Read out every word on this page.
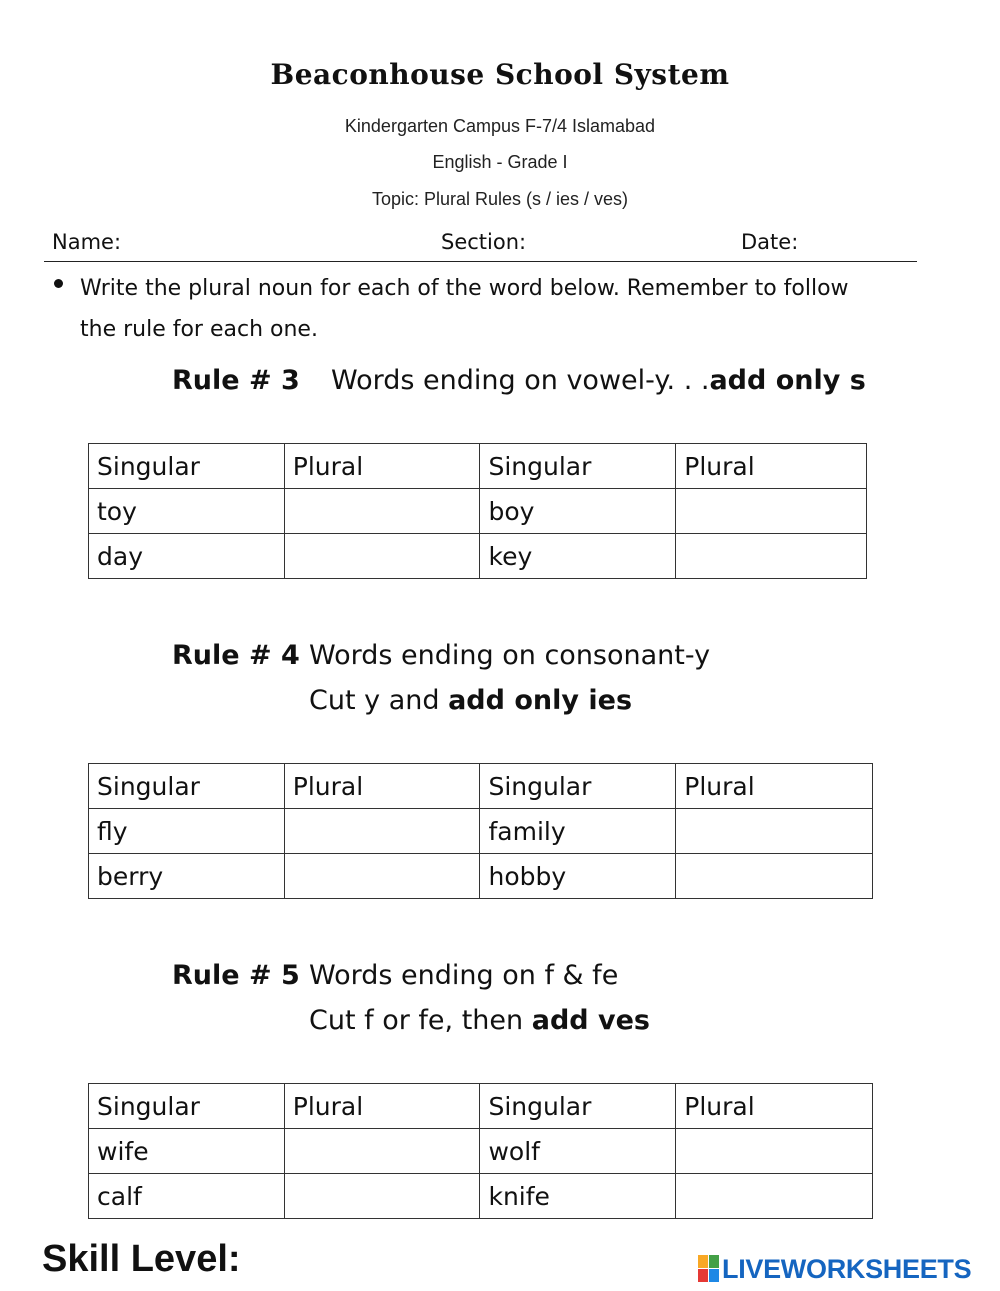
Beaconhouse School System
Kindergarten Campus F-7/4 Islamabad
English - Grade I
Topic: Plural Rules (s / ies / ves)
Name:	Section:	Date:
Write the plural noun for each of the word below. Remember to follow
the rule for each one.
Rule # 3 Words ending on vowel-y. . .add only s
Singular	Plural	Singular	Plural
toy		boy	
day		key	
Rule # 4 Words ending on consonant-y
Cut y and add only ies
Singular	Plural	Singular	Plural
fly		family	
berry		hobby	
Rule # 5 Words ending on f & fe
Cut f or fe, then add ves
Singular	Plural	Singular	Plural
wife		wolf	
calf		knife	
Skill Level:	LIVEWORKSHEETS
